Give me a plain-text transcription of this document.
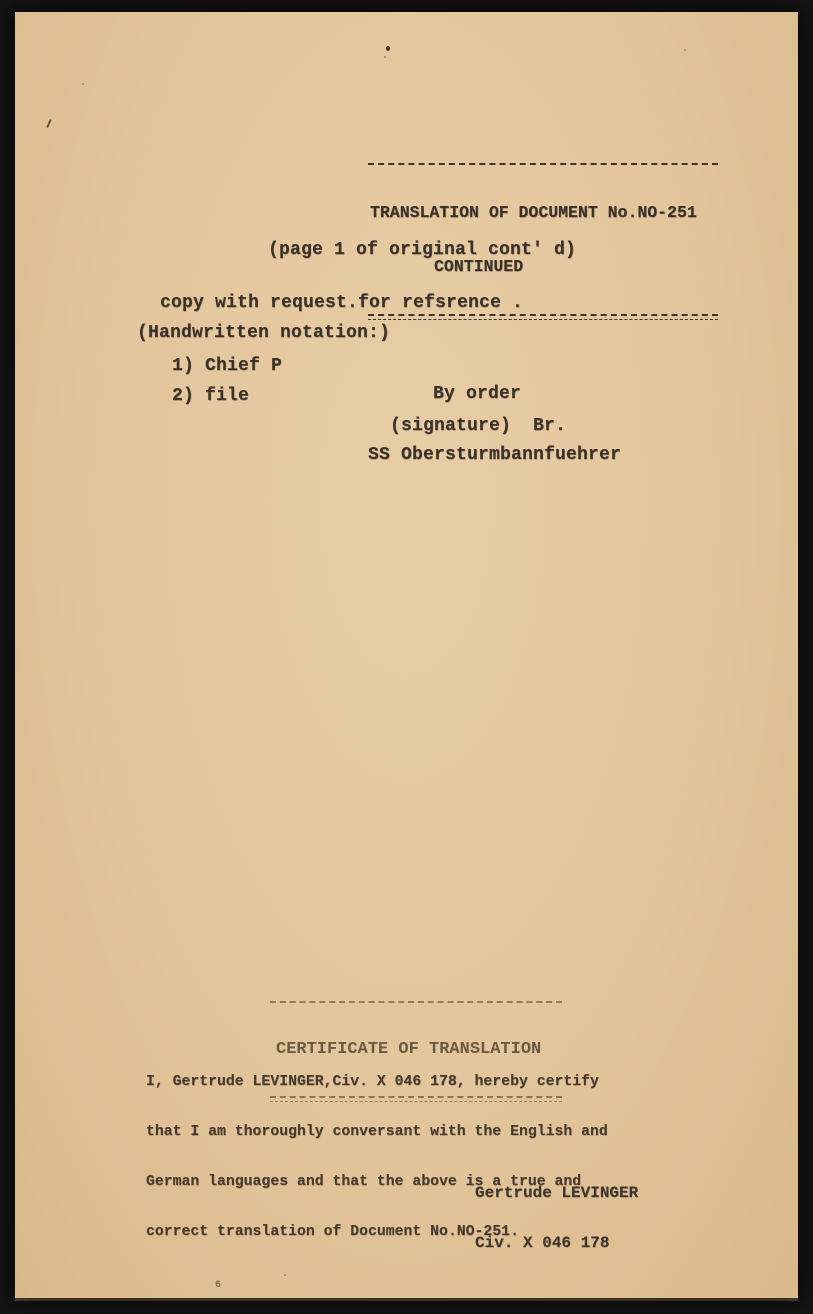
6

TRANSLATION OF DOCUMENT No.NO-251

CONTINUED

(page 1 of original cont' d)
copy with request.for refsrence .
(Handwritten notation:)
1) Chief P
2) file	By order
(signature)  Br.
SS Obersturmbannfuehrer

CERTIFICATE OF TRANSLATION

I, Gertrude LEVINGER,Civ. X 046 178, hereby certify

that I am thoroughly conversant with the English and

German languages and that the above is a true and

correct translation of Document No.NO-251.

Gertrude LEVINGER

Civ. X 046 178
